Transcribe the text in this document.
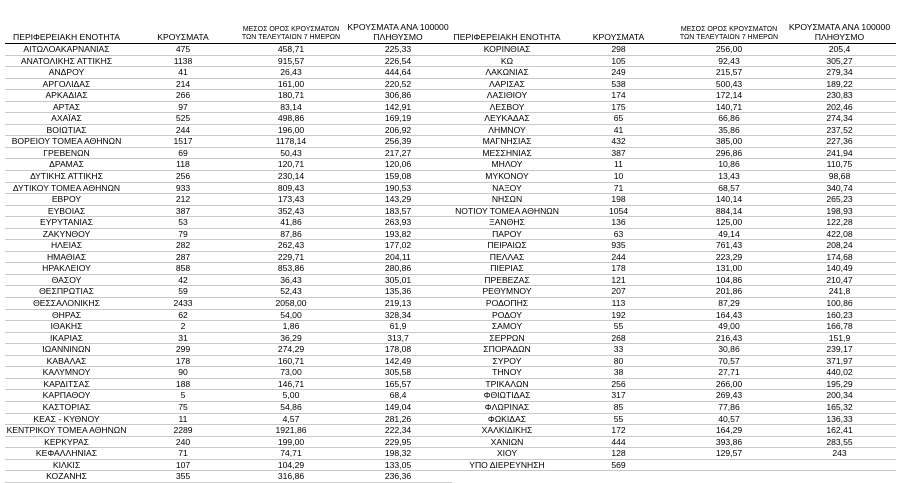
ΠΕΡΙΦΕΡΕΙΑΚΗ ΕΝΟΤΗΤΑ	ΚΡΟΥΣΜΑΤΑ
ΜΕΣΟΣ ΟΡΟΣ ΚΡΟΥΣΜΑΤΩΝ
ΤΩΝ ΤΕΛΕΥΤΑΙΩΝ 7 ΗΜΕΡΩΝ
ΚΡΟΥΣΜΑΤΑ ΑΝΑ 100000
ΠΛΗΘΥΣΜΟ
ΑΙΤΩΛΟΑΚΑΡΝΑΝΙΑΣ	475	458,71	225,33
ΑΝΑΤΟΛΙΚΗΣ ΑΤΤΙΚΗΣ	1138	915,57	226,54
ΑΝΔΡΟΥ	41	26,43	444,64
ΑΡΓΟΛΙΔΑΣ	214	161,00	220,52
ΑΡΚΑΔΙΑΣ	266	180,71	306,86
ΑΡΤΑΣ	97	83,14	142,91
ΑΧΑΪΑΣ	525	498,86	169,19
ΒΟΙΩΤΙΑΣ	244	196,00	206,92
ΒΟΡΕΙΟΥ ΤΟΜΕΑ ΑΘΗΝΩΝ	1517	1178,14	256,39
ΓΡΕΒΕΝΩΝ	69	50,43	217,27
ΔΡΑΜΑΣ	118	120,71	120,06
ΔΥΤΙΚΗΣ ΑΤΤΙΚΗΣ	256	230,14	159,08
ΔΥΤΙΚΟΥ ΤΟΜΕΑ ΑΘΗΝΩΝ	933	809,43	190,53
ΕΒΡΟΥ	212	173,43	143,29
ΕΥΒΟΙΑΣ	387	352,43	183,57
ΕΥΡΥΤΑΝΙΑΣ	53	41,86	263,93
ΖΑΚΥΝΘΟΥ	79	87,86	193,82
ΗΛΕΙΑΣ	282	262,43	177,02
ΗΜΑΘΙΑΣ	287	229,71	204,11
ΗΡΑΚΛΕΙΟΥ	858	853,86	280,86
ΘΑΣΟΥ	42	36,43	305,01
ΘΕΣΠΡΩΤΙΑΣ	59	52,43	135,36
ΘΕΣΣΑΛΟΝΙΚΗΣ	2433	2058,00	219,13
ΘΗΡΑΣ	62	54,00	328,34
ΙΘΑΚΗΣ	2	1,86	61,9
ΙΚΑΡΙΑΣ	31	36,29	313,7
ΙΩΑΝΝΙΝΩΝ	299	274,29	178,08
ΚΑΒΑΛΑΣ	178	160,71	142,49
ΚΑΛΥΜΝΟΥ	90	73,00	305,58
ΚΑΡΔΙΤΣΑΣ	188	146,71	165,57
ΚΑΡΠΑΘΟΥ	5	5,00	68,4
ΚΑΣΤΟΡΙΑΣ	75	54,86	149,04
ΚΕΑΣ - ΚΥΘΝΟΥ	11	4,57	281,26
ΚΕΝΤΡΙΚΟΥ ΤΟΜΕΑ ΑΘΗΝΩΝ	2289	1921,86	222,34
ΚΕΡΚΥΡΑΣ	240	199,00	229,95
ΚΕΦΑΛΛΗΝΙΑΣ	71	74,71	198,32
ΚΙΛΚΙΣ	107	104,29	133,05
ΚΟΖΑΝΗΣ	355	316,86	236,36
ΠΕΡΙΦΕΡΕΙΑΚΗ ΕΝΟΤΗΤΑ	ΚΡΟΥΣΜΑΤΑ
ΜΕΣΟΣ ΟΡΟΣ ΚΡΟΥΣΜΑΤΩΝ
ΤΩΝ ΤΕΛΕΥΤΑΙΩΝ 7 ΗΜΕΡΩΝ
ΚΡΟΥΣΜΑΤΑ ΑΝΑ 100000
ΠΛΗΘΥΣΜΟ
ΚΟΡΙΝΘΙΑΣ	298	256,00	205,4
ΚΩ	105	92,43	305,27
ΛΑΚΩΝΙΑΣ	249	215,57	279,34
ΛΑΡΙΣΑΣ	538	500,43	189,22
ΛΑΣΙΘΙΟΥ	174	172,14	230,83
ΛΕΣΒΟΥ	175	140,71	202,46
ΛΕΥΚΑΔΑΣ	65	66,86	274,34
ΛΗΜΝΟΥ	41	35,86	237,52
ΜΑΓΝΗΣΙΑΣ	432	385,00	227,36
ΜΕΣΣΗΝΙΑΣ	387	296,86	241,94
ΜΗΛΟΥ	11	10,86	110,75
ΜΥΚΟΝΟΥ	10	13,43	98,68
ΝΑΞΟΥ	71	68,57	340,74
ΝΗΣΩΝ	198	140,14	265,23
ΝΟΤΙΟΥ ΤΟΜΕΑ ΑΘΗΝΩΝ	1054	884,14	198,93
ΞΑΝΘΗΣ	136	125,00	122,28
ΠΑΡΟΥ	63	49,14	422,08
ΠΕΙΡΑΙΩΣ	935	761,43	208,24
ΠΕΛΛΑΣ	244	223,29	174,68
ΠΙΕΡΙΑΣ	178	131,00	140,49
ΠΡΕΒΕΖΑΣ	121	104,86	210,47
ΡΕΘΥΜΝΟΥ	207	201,86	241,8
ΡΟΔΟΠΗΣ	113	87,29	100,86
ΡΟΔΟΥ	192	164,43	160,23
ΣΑΜΟΥ	55	49,00	166,78
ΣΕΡΡΩΝ	268	216,43	151,9
ΣΠΟΡΑΔΩΝ	33	30,86	239,17
ΣΥΡΟΥ	80	70,57	371,97
ΤΗΝΟΥ	38	27,71	440,02
ΤΡΙΚΑΛΩΝ	256	266,00	195,29
ΦΘΙΩΤΙΔΑΣ	317	269,43	200,34
ΦΛΩΡΙΝΑΣ	85	77,86	165,32
ΦΩΚΙΔΑΣ	55	40,57	136,33
ΧΑΛΚΙΔΙΚΗΣ	172	164,29	162,41
ΧΑΝΙΩΝ	444	393,86	283,55
ΧΙΟΥ	128	129,57	243
ΥΠΟ ΔΙΕΡΕΥΝΗΣΗ	569
